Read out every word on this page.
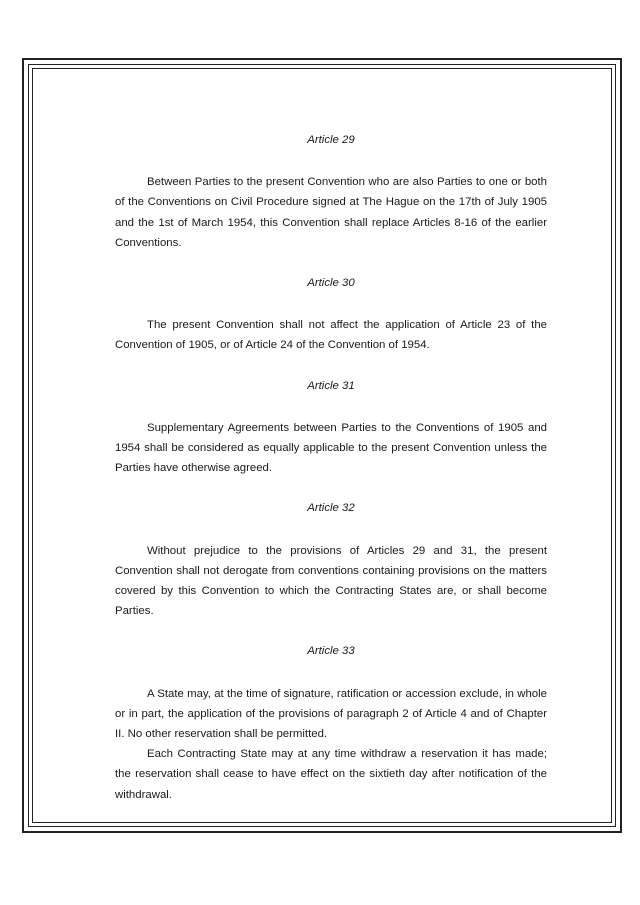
Article 29

Between Parties to the present Convention who are also Parties to one or both of the Conventions on Civil Procedure signed at The Hague on the 17th of July 1905 and the 1st of March 1954, this Convention shall replace Articles 8-16 of the earlier Conventions.

Article 30

The present Convention shall not affect the application of Article 23 of the Convention of 1905, or of Article 24 of the Convention of 1954.

Article 31

Supplementary Agreements between Parties to the Conventions of 1905 and 1954 shall be considered as equally applicable to the present Convention unless the Parties have otherwise agreed.

Article 32

Without prejudice to the provisions of Articles 29 and 31, the present Convention shall not derogate from conventions containing provisions on the matters covered by this Convention to which the Contracting States are, or shall become Parties.

Article 33

A State may, at the time of signature, ratification or accession exclude, in whole or in part, the application of the provisions of paragraph 2 of Article 4 and of Chapter II. No other reservation shall be permitted.

Each Contracting State may at any time withdraw a reservation it has made; the reservation shall cease to have effect on the sixtieth day after notification of the withdrawal.
